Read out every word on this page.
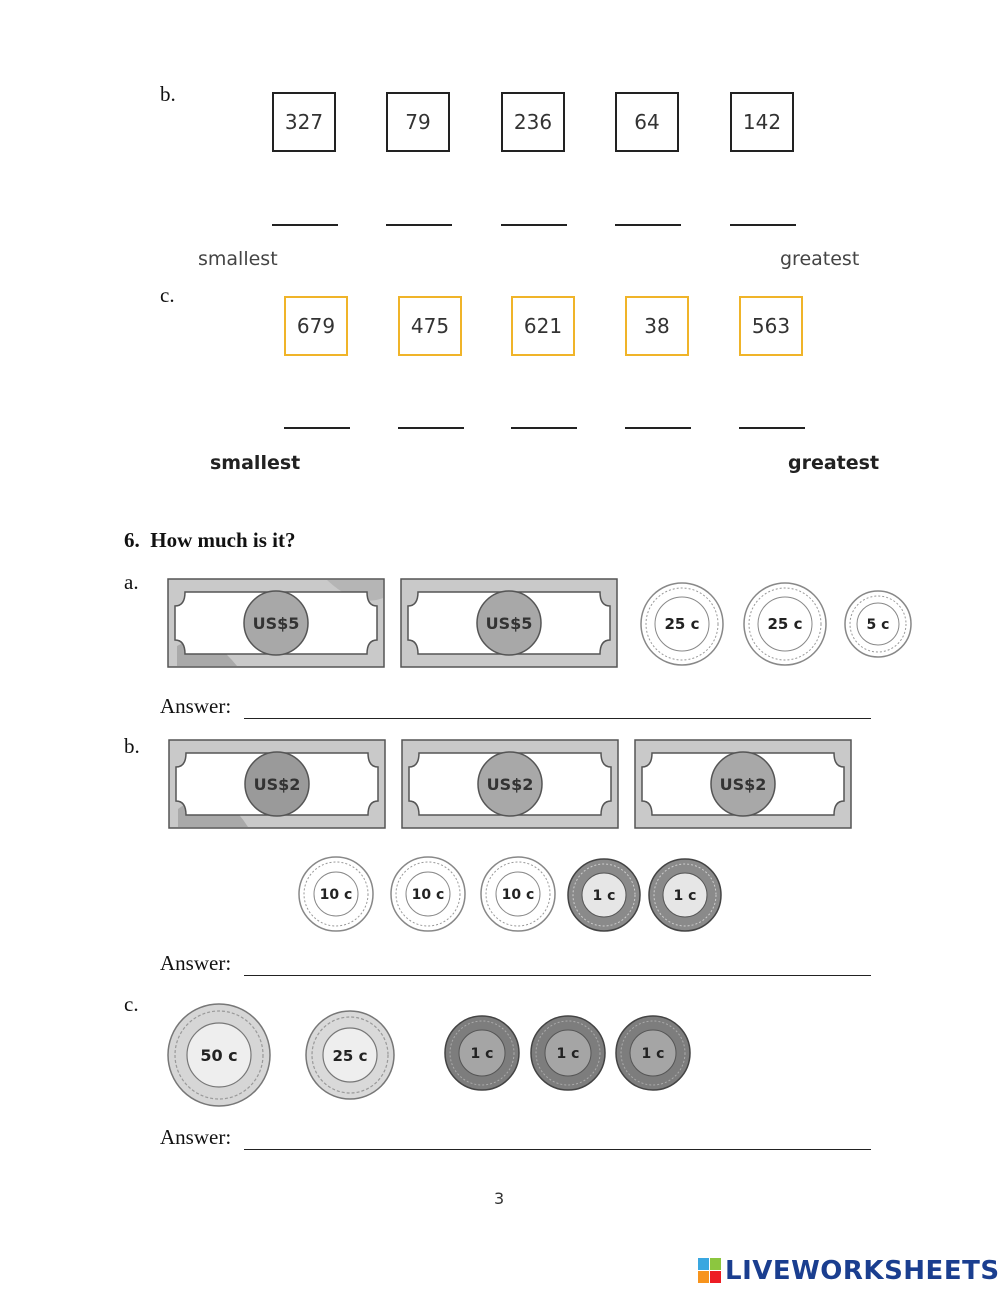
b.
327	79	236	64	142
smallest	greatest
c.
679	475	621	38	563
smallest	greatest
6.  How much is it?
a.
US$5	US$5	25 c	25 c	5 c
Answer:
b.
US$2	US$2	US$2
10 c	10 c	10 c	1 c	1 c
Answer:
c.
50 c	25 c	1 c	1 c	1 c
Answer:
3
LIVEWORKSHEETS
